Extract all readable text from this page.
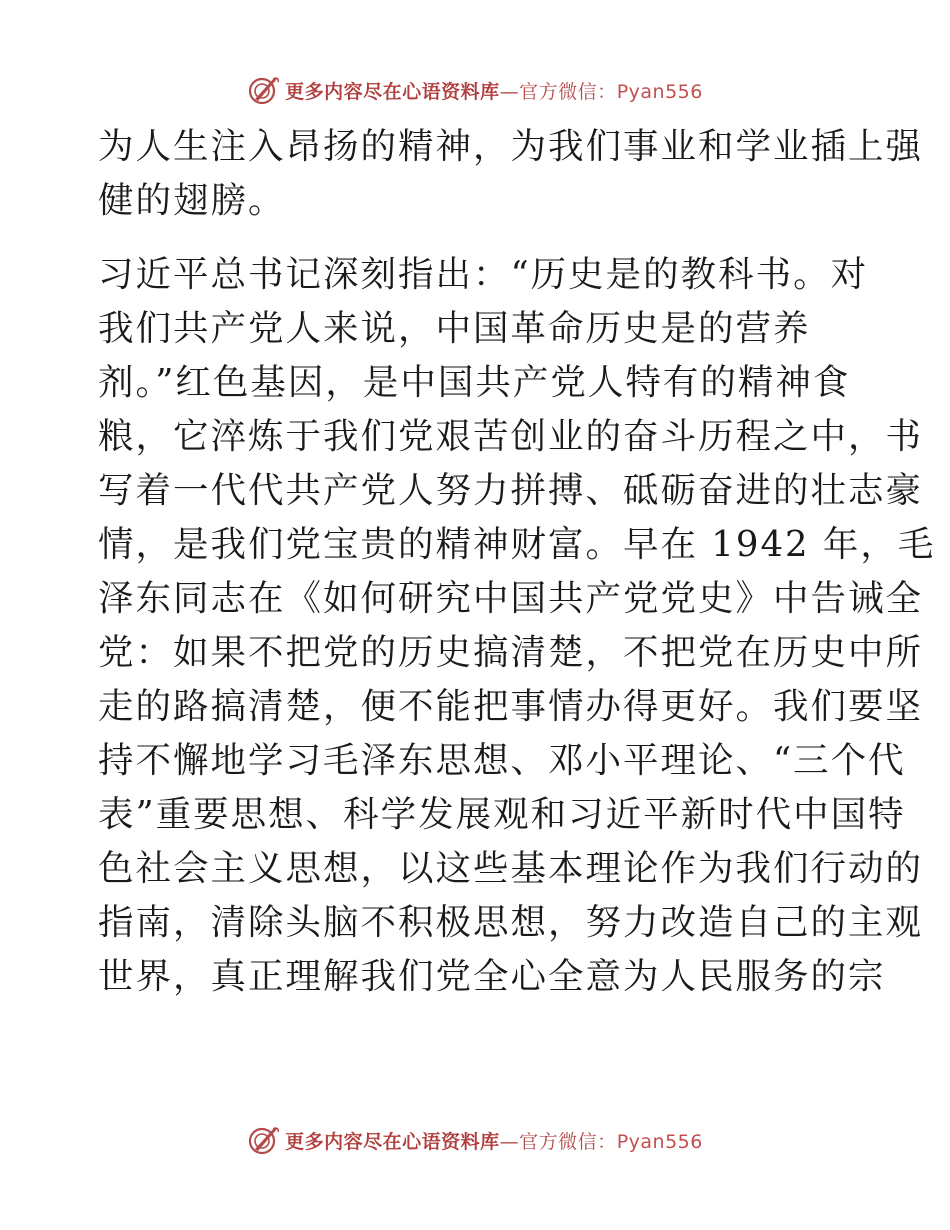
更多内容尽在心语资料库—官方微信：Pyan556
为人生注入昂扬的精神，为我们事业和学业插上强
健的翅膀。
习近平总书记深刻指出：“历史是的教科书。对
我们共产党人来说，中国革命历史是的营养
剂。”红色基因，是中国共产党人特有的精神食
粮，它淬炼于我们党艰苦创业的奋斗历程之中，书
写着一代代共产党人努力拼搏、砥砺奋进的壮志豪
情，是我们党宝贵的精神财富。早在 1942 年，毛
泽东同志在《如何研究中国共产党党史》中告诫全
党：如果不把党的历史搞清楚，不把党在历史中所
走的路搞清楚，便不能把事情办得更好。我们要坚
持不懈地学习毛泽东思想、邓小平理论、“三个代
表”重要思想、科学发展观和习近平新时代中国特
色社会主义思想，以这些基本理论作为我们行动的
指南，清除头脑不积极思想，努力改造自己的主观
世界，真正理解我们党全心全意为人民服务的宗
更多内容尽在心语资料库—官方微信：Pyan556
